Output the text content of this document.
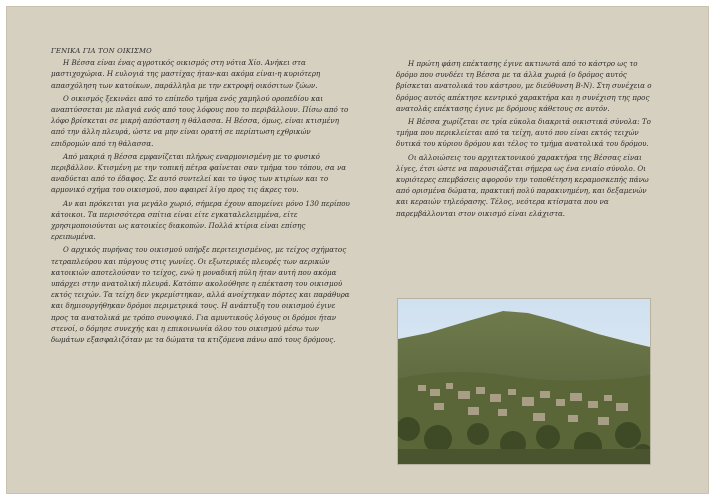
ΓΕΝΙΚΑ ΓΙΑ ΤΟΝ ΟΙΚΙΣΜΟ

Η Βέσσα είναι ένας αγροτικός οικισμός στη νότια Χίο. Ανήκει στα μαστιχοχώρια. Η ευλογιά της μαστίχας ήταν-και ακόμα είναι-η κυριότερη απασχόληση των κατοίκων, παράλληλα με την εκτροφή οικόσιτων ζώων.

Ο οικισμός ξεκινάει από το επίπεδο τμήμα ενός χαμηλού οροπεδίου και αναπτύσσεται με πλαγιά ενός από τους λόφους που το περιβάλλουν. Πίσω από το λόφο βρίσκεται σε μικρή απόσταση η θάλασσα. Η Βέσσα, όμως, είναι κτισμένη από την άλλη πλευρά, ώστε να μην είναι ορατή σε περίπτωση εχθρικών επιδρομών από τη θάλασσα.

Από μακριά η Βέσσα εμφανίζεται πλήρως εναρμονισμένη με το φυσικό περιβάλλον. Κτισμένη με την τοπική πέτρα φαίνεται σαν τμήμα του τόπου, σα να αναδύεται από το έδαφος. Σε αυτό συντελεί και το ύψος των κτιρίων και το αρμονικό σχήμα του οικισμού, που αφαιρεί λίγο προς τις άκρες του.

Αν και πρόκειται για μεγάλο χωριό, σήμερα έχουν απομείνει μόνο 130 περίπου κάτοικοι. Τα περισσότερα σπίτια είναι είτε εγκαταλελειμμένα, είτε χρησιμοποιούνται ως κατοικίες διακοπών. Πολλά κτίρια είναι επίσης ερειπωμένα.

Ο αρχικός πυρήνας του οικισμού υπήρξε περιτειχισμένος, με τείχος σχήματος τετραπλεύρου και πύργους στις γωνίες. Οι εξωτερικές πλευρές των αερικών κατοικιών αποτελούσαν το τείχος, ενώ η μοναδική πύλη ήταν αυτή που ακόμα υπάρχει στην ανατολική πλευρά. Κατόπιν ακολούθησε η επέκταση του οικισμού εκτός τειχών. Τα τείχη δεν γκρεμίστηκαν, αλλά ανοίχτηκαν πόρτες και παράθυρα και δημιουργήθηκαν δρόμοι περιμετρικά τους. Η ανάπτυξη του οικισμού έγινε προς τα ανατολικά με τρόπο συνοψικό. Για αμυντικούς λόγους οι δρόμοι ήταν στενοί, ο δόμησε συνεχής και η επικοινωνία όλου του οικισμού μέσω των δωμάτων εξασφαλιζόταν με τα δώματα τα κτιζόμενα πάνω από τους δρόμους.

Η πρώτη φάση επέκτασης έγινε ακτινωτά από το κάστρο ως το δρόμο που συνδέει τη Βέσσα με τα άλλα χωριά (ο δρόμος αυτός βρίσκεται ανατολικά του κάστρου, με διεύθυνση Β-Ν). Στη συνέχεια ο δρόμος αυτός απέκτησε κεντρικό χαρακτήρα και η συνέχιση της προς ανατολάς επέκτασης έγινε με δρόμους κάθετους σε αυτόν.

Η Βέσσα χωρίζεται σε τρία εύκολα διακριτά οικιστικά σύνολα: Το τμήμα που περικλείεται από τα τείχη, αυτό που είναι εκτός τειχών δυτικά του κύριου δρόμου και τέλος το τμήμα ανατολικά του δρόμου.

Οι αλλοιώσεις του αρχιτεκτονικού χαρακτήρα της Βέσσας είναι λίγες, έτσι ώστε να παρουσιάζεται σήμερα ως ένα ενιαίο σύνολο. Οι κυριότερες επεμβάσεις αφορούν την τοποθέτηση κεραμοσκεπής πάνω από ορισμένα δώματα, πρακτική πολύ παρακινημένη, και δεξαμενών και κεραιών τηλεόρασης. Τέλος, νεότερα κτίσματα που να παρεμβάλλονται στον οικισμό είναι ελάχιστα.
